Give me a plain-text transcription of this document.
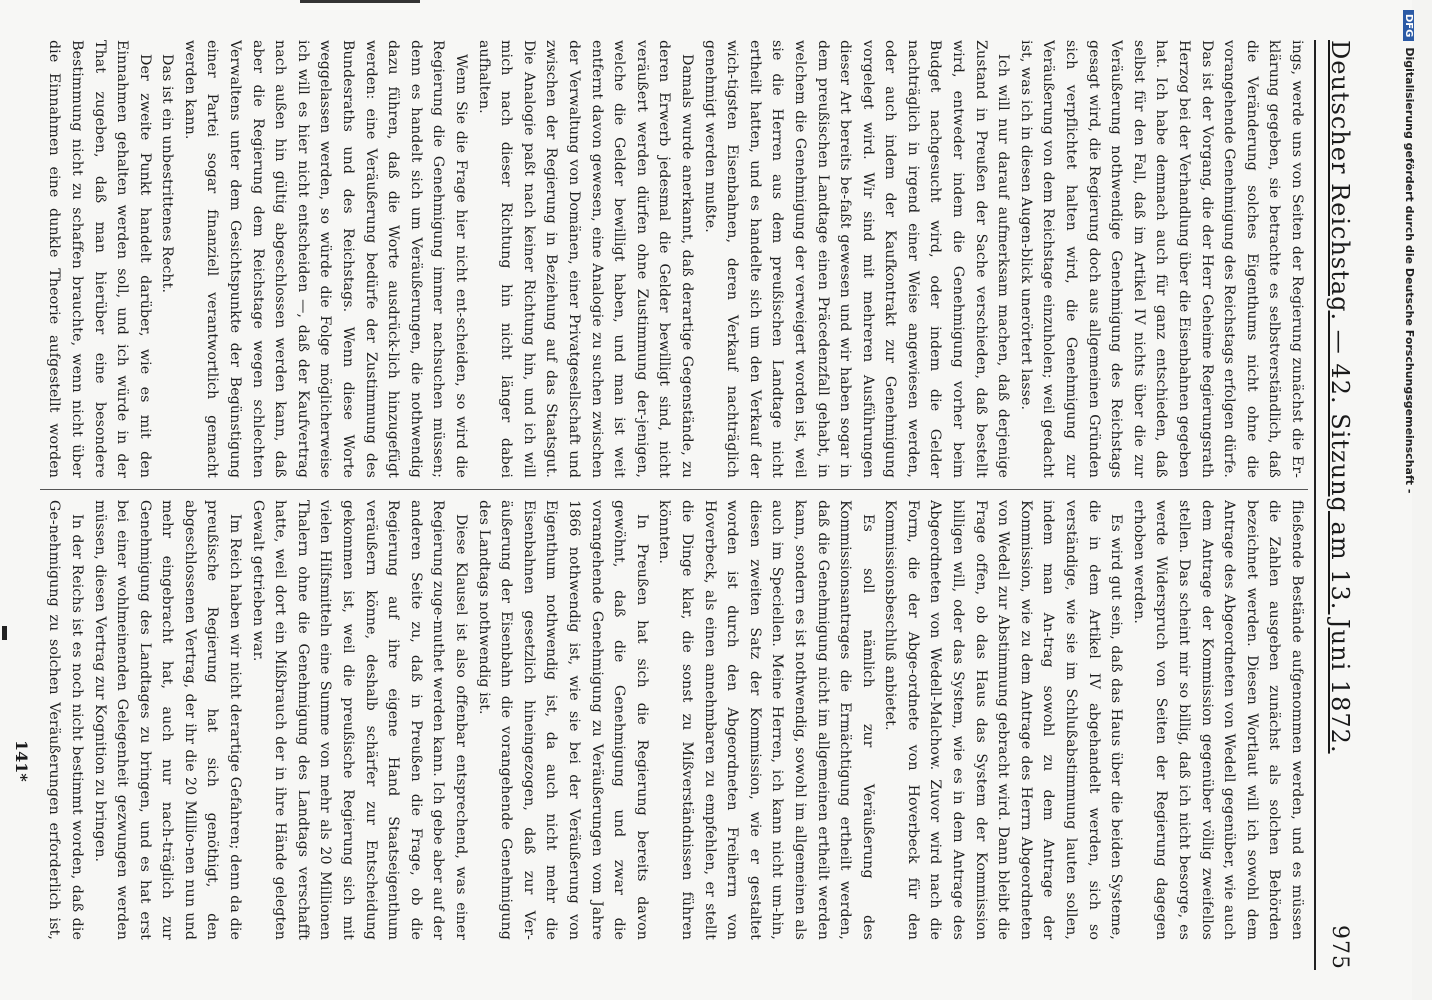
Deutscher Reichstag. — 42. Sitzung am 13. Juni 1872.
975

ings, werde uns von Seiten der Regierung zunächst die Er-klärung gegeben, sie betrachte es selbstverständlich, daß die Veränderung solches Eigenthums nicht ohne die vorangehende Genehmigung des Reichstags erfolgen dürfe. Das ist der Vorgang, die der Herr Geheime Regierungsrath Herzog bei der Verhandlung über die Eisenbahnen gegeben hat. Ich habe demnach auch für ganz entschieden, daß selbst für den Fall, daß im Artikel IV nichts über die zur Veräußerung nothwendige Genehmigung des Reichstags gesagt wird, die Regierung doch aus allgemeinen Gründen sich verpflichtet halten wird, die Genehmigung zur Veräußerung von dem Reichstage einzuholen; weil gedacht ist, was ich in diesen Augen-blick unerörtert lasse.

Ich will nur darauf aufmerksam machen, daß derjenige Zustand in Preußen der Sache verschieden, daß bestellt wird, entweder indem die Genehmigung vorher beim Budget nachgesucht wird, oder indem die Gelder nachträglich in irgend einer Weise angewiesen werden, oder auch indem der Kaufkontrakt zur Genehmigung vorgelegt wird. Wir sind mit mehreren Ausführungen dieser Art bereits be-faßt gewesen und wir haben sogar in dem preußischen Landtage einen Präcedenzfall gehabt, in welchem die Genehmigung der verweigert worden ist, weil sie die Herren aus dem preußischen Landtage nicht ertheilt hatten, und es handelte sich um den Verkauf der wich-tigsten Eisenbahnen, deren Verkauf nachträglich genehmigt werden mußte.

Damals wurde anerkannt, daß derartige Gegenstände, zu deren Erwerb jedesmal die Gelder bewilligt sind, nicht veräußert werden dürfen ohne Zustimmung der-jenigen, welche die Gelder bewilligt haben, und man ist weit entfernt davon gewesen, eine Analogie zu suchen zwischen der Verwaltung von Domänen, einer Privatgesellschaft und zwischen der Regierung in Beziehung auf das Staatsgut. Die Analogie paßt nach keiner Richtung hin, und ich will mich nach dieser Richtung hin nicht länger dabei aufhalten.

Wenn Sie die Frage hier nicht ent-scheiden, so wird die Regierung die Genehmigung immer nachsuchen müssen; denn es handelt sich um Veräußerungen, die nothwendig dazu führen, daß die Worte ausdrück-lich hinzugefügt werden: eine Veräußerung bedürfe der Zustimmung des Bundesraths und des Reichstags. Wenn diese Worte weggelassen werden, so würde die Folge möglicherweise ich will es hier nicht entscheiden —, daß der Kaufvertrag nach außen hin gültig abgeschlossen werden kann, daß aber die Regierung dem Reichstage wegen schlechten Verwaltens unter dem Gesichtspunkte der Begünstigung einer Partei sogar finanziell verantwortlich gemacht werden kann.

Das ist ein unbestrittenes Recht.

Der zweite Punkt handelt darüber, wie es mit den Einnahmen gehalten werden soll, und ich würde in der That zugeben, daß man hierüber eine besondere Bestimmung nicht zu schaffen brauchte, wenn nicht über die Einnahmen eine dunkle Theorie aufgestellt worden

fließende Bestände aufgenommen werden, und es müssen die Zahlen ausgeben zunächst als solchen Behörden bezeichnet werden. Diesen Wortlaut will ich sowohl dem Antrage des Abgeordneten von Wedell gegenüber, wie auch dem Antrage der Kommission gegenüber völlig zweifellos stellen. Das scheint mir so billig, daß ich nicht besorge, es werde Widerspruch von Seiten der Regierung dagegen erhoben werden.

Es wird gut sein, daß das Haus über die beiden Systeme, die in dem Artikel IV abgehandelt werden, sich so verständige, wie sie im Schlußabstimmung lauten sollen, indem man An-trag sowohl zu dem Antrage der Kommission, wie zu dem Antrage des Herrn Abgeordneten von Wedell zur Abstimmung gebracht wird. Dann bleibt die Frage offen, ob das Haus das System der Kommission billigen will, oder das System, wie es in dem Antrage des Abgeordneten von Wedell-Malchow. Zuvor wird nach die Form, die der Abge-ordnete von Hoverbeck für den Kommissionsbeschluß anbietet.

Es soll nämlich zur Veräußerung des Kommissionsantrages die Ermächtigung ertheilt werden, daß die Genehmigung nicht im allgemeinen ertheilt werden kann, sondern es ist nothwendig, sowohl im allgemeinen als auch im Speciellen. Meine Herren, ich kann nicht um-hin, diesen zweiten Satz der Kommission, wie er gestaltet worden ist durch den Abgeordneten Freiherrn von Hoverbeck, als einen annehmbaren zu empfehlen, er stellt die Dinge klar, die sonst zu Mißverständnissen führen könnten.

In Preußen hat sich die Regierung bereits davon gewöhnt, daß die Genehmigung und zwar die vorangehende Genehmigung zu Veräußerungen vom Jahre 1866 nothwendig ist, wie sie bei der Veräußerung von Eigenthum nothwendig ist, da auch nicht mehr die Eisenbahnen gesetzlich hineingezogen, daß zur Ver-äußerung der Eisenbahn die vorangehende Genehmigung des Landtags nothwendig ist.

Diese Klausel ist also offenbar entsprechend, was einer Regierung zuge-muthet werden kann. Ich gebe aber auf der anderen Seite zu, daß in Preußen die Frage, ob die Regierung auf ihre eigene Hand Staatseigenthum veräußern könne, deshalb schärfer zur Entscheidung gekommen ist, weil die preußische Regierung sich mit vielen Hilfsmitteln eine Summe von mehr als 20 Millionen Thalern ohne die Genehmigung des Landtags verschafft hatte, weil dort ein Mißbrauch der in ihre Hände gelegten Gewalt getrieben war.

Im Reich haben wir nicht derartige Gefahren; denn da die preußische Regierung hat sich genöthigt, den abgeschlossenen Vertrag, der ihr die 20 Millio-nen nun und mehr eingebracht hat, auch nur nach-träglich zur Genehmigung des Landtages zu bringen, und es hat erst bei einer wohlmeinenden Gelegenheit gezwungen werden müssen, diesen Vertrag zur Kognition zu bringen.

In der Reichs ist es noch nicht bestimmt worden, daß die Ge-nehmigung zu solchen Veräußerungen erforderlich ist,

141*
DFGDigitalisierung gefördert durch die Deutsche Forschungsgemeinschaft -
